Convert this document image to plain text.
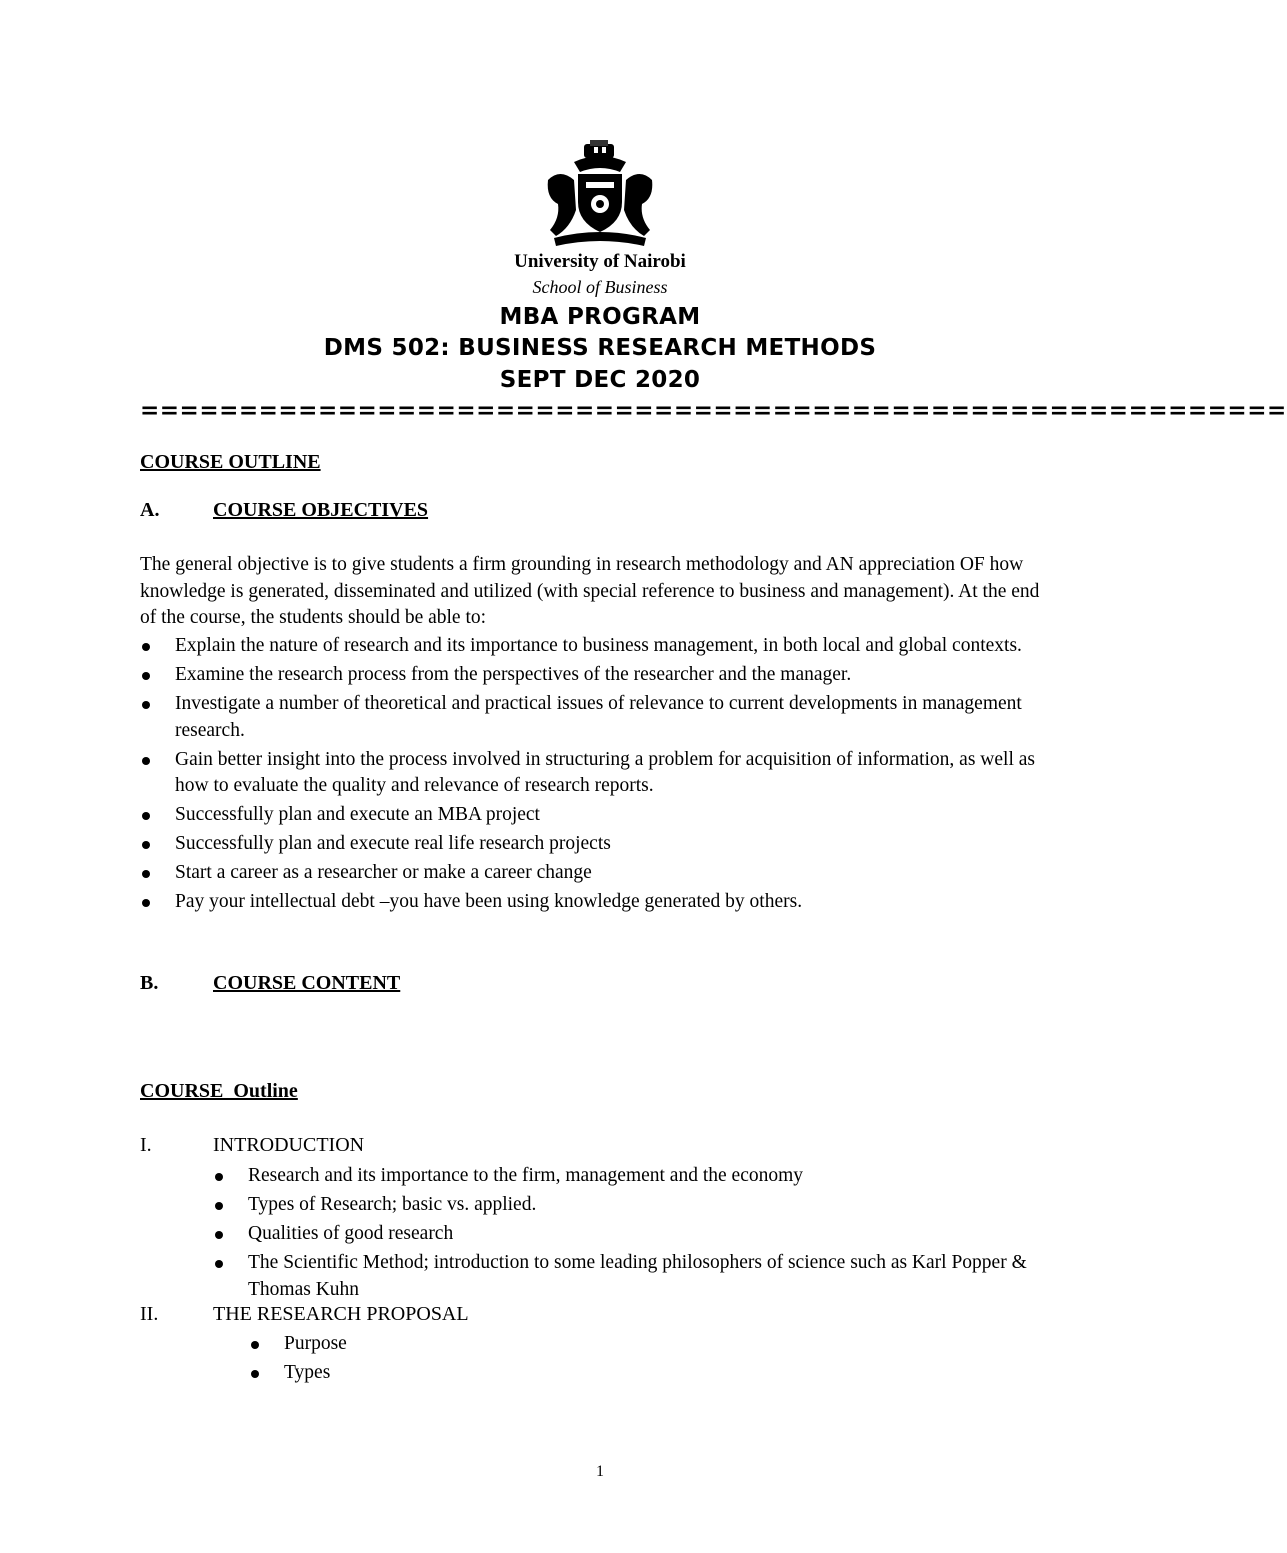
University of Nairobi
School of Business
MBA PROGRAM
DMS 502: BUSINESS RESEARCH METHODS
SEPT DEC 2020
==========================================================
COURSE OUTLINE
A.	COURSE OBJECTIVES

The general objective is to give students a firm grounding in research methodology and AN appreciation OF how knowledge is generated, disseminated and utilized (with special reference to business and management). At the end of the course, the students should be able to:

Explain the nature of research and its importance to business management, in both local and global contexts.
Examine the research process from the perspectives of the researcher and the manager.
Investigate a number of theoretical and practical issues of relevance to current developments in management research.
Gain better insight into the process involved in structuring a problem for acquisition of information, as well as how to evaluate the quality and relevance of research reports.
Successfully plan and execute an MBA project
Successfully plan and execute real life research projects
Start a career as a researcher or make a career change
Pay your intellectual debt –you have been using knowledge generated by others.
B.	COURSE CONTENT
COURSE  Outline
I.	INTRODUCTION
Research and its importance to the firm, management and the economy
Types of Research; basic vs. applied.
Qualities of good research
The Scientific Method; introduction to some leading philosophers of science such as Karl Popper & Thomas Kuhn
II.	THE RESEARCH PROPOSAL
Purpose
Types
1
